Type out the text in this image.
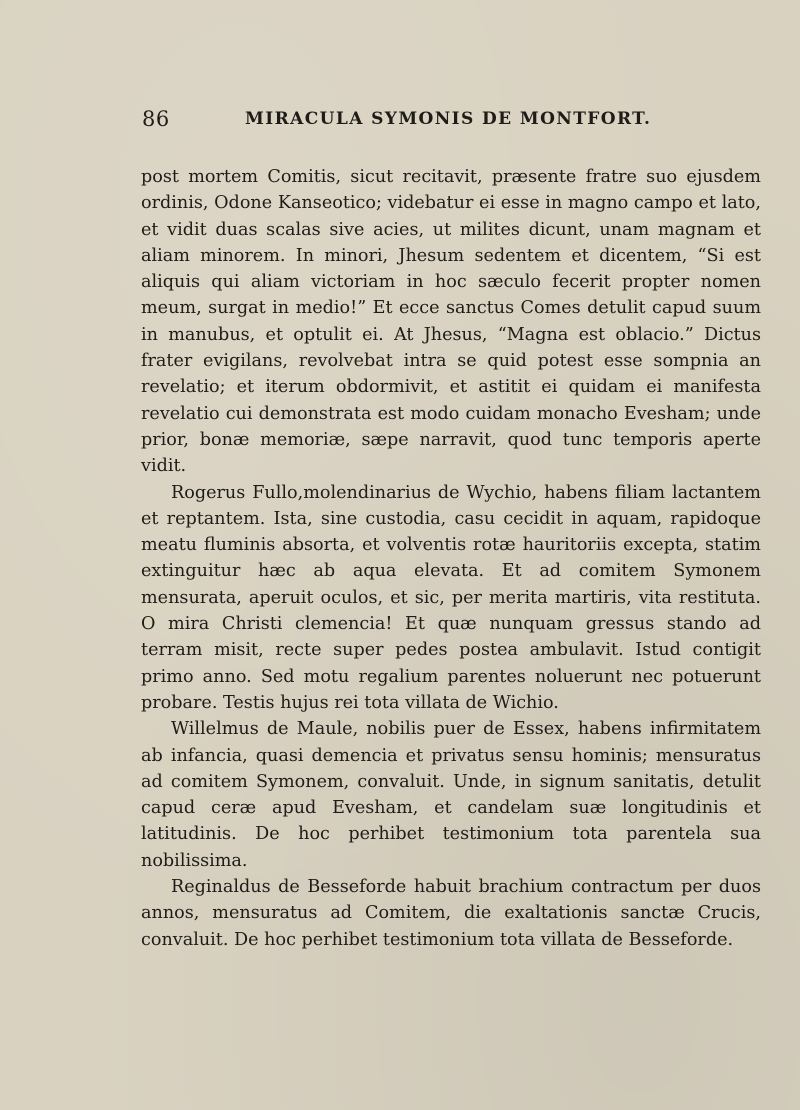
86	MIRACULA SYMONIS DE MONTFORT.

post mortem Comitis, sicut recitavit, præsente fratre suo ejusdem ordinis, Odone Kanseotico; videbatur ei esse in magno campo et lato, et vidit duas scalas sive acies, ut milites dicunt, unam magnam et aliam minorem. In minori, Jhesum sedentem et dicentem, “Si est aliquis qui aliam victoriam in hoc sæculo fecerit propter nomen meum, surgat in medio!” Et ecce sanctus Comes detulit capud suum in manubus, et optulit ei. At Jhesus, “Magna est oblacio.” Dictus frater evigilans, revolvebat intra se quid potest esse sompnia an revelatio; et iterum obdormivit, et astitit ei quidam ei manifesta revelatio cui demonstrata est modo cuidam monacho Evesham; unde prior, bonæ memoriæ, sæpe narravit, quod tunc temporis aperte vidit.

Rogerus Fullo,molendinarius de Wychio, habens filiam lactantem et reptantem. Ista, sine custodia, casu cecidit in aquam, rapidoque meatu fluminis absorta, et volventis rotæ hauritoriis excepta, statim extinguitur hæc ab aqua elevata. Et ad comitem Symonem mensurata, aperuit oculos, et sic, per merita martiris, vita restituta. O mira Christi clemencia! Et quæ nunquam gressus stando ad terram misit, recte super pedes postea ambulavit. Istud contigit primo anno. Sed motu regalium parentes noluerunt nec potuerunt probare. Testis hujus rei tota villata de Wichio.

Willelmus de Maule, nobilis puer de Essex, habens infirmitatem ab infancia, quasi demencia et privatus sensu hominis; mensuratus ad comitem Symonem, convaluit. Unde, in signum sanitatis, detulit capud ceræ apud Evesham, et candelam suæ longitudinis et latitudinis. De hoc perhibet testimonium tota parentela sua nobilissima.

Reginaldus de Besseforde habuit brachium contractum per duos annos, mensuratus ad Comitem, die exaltationis sanctæ Crucis, convaluit. De hoc perhibet testimonium tota villata de Besseforde.
